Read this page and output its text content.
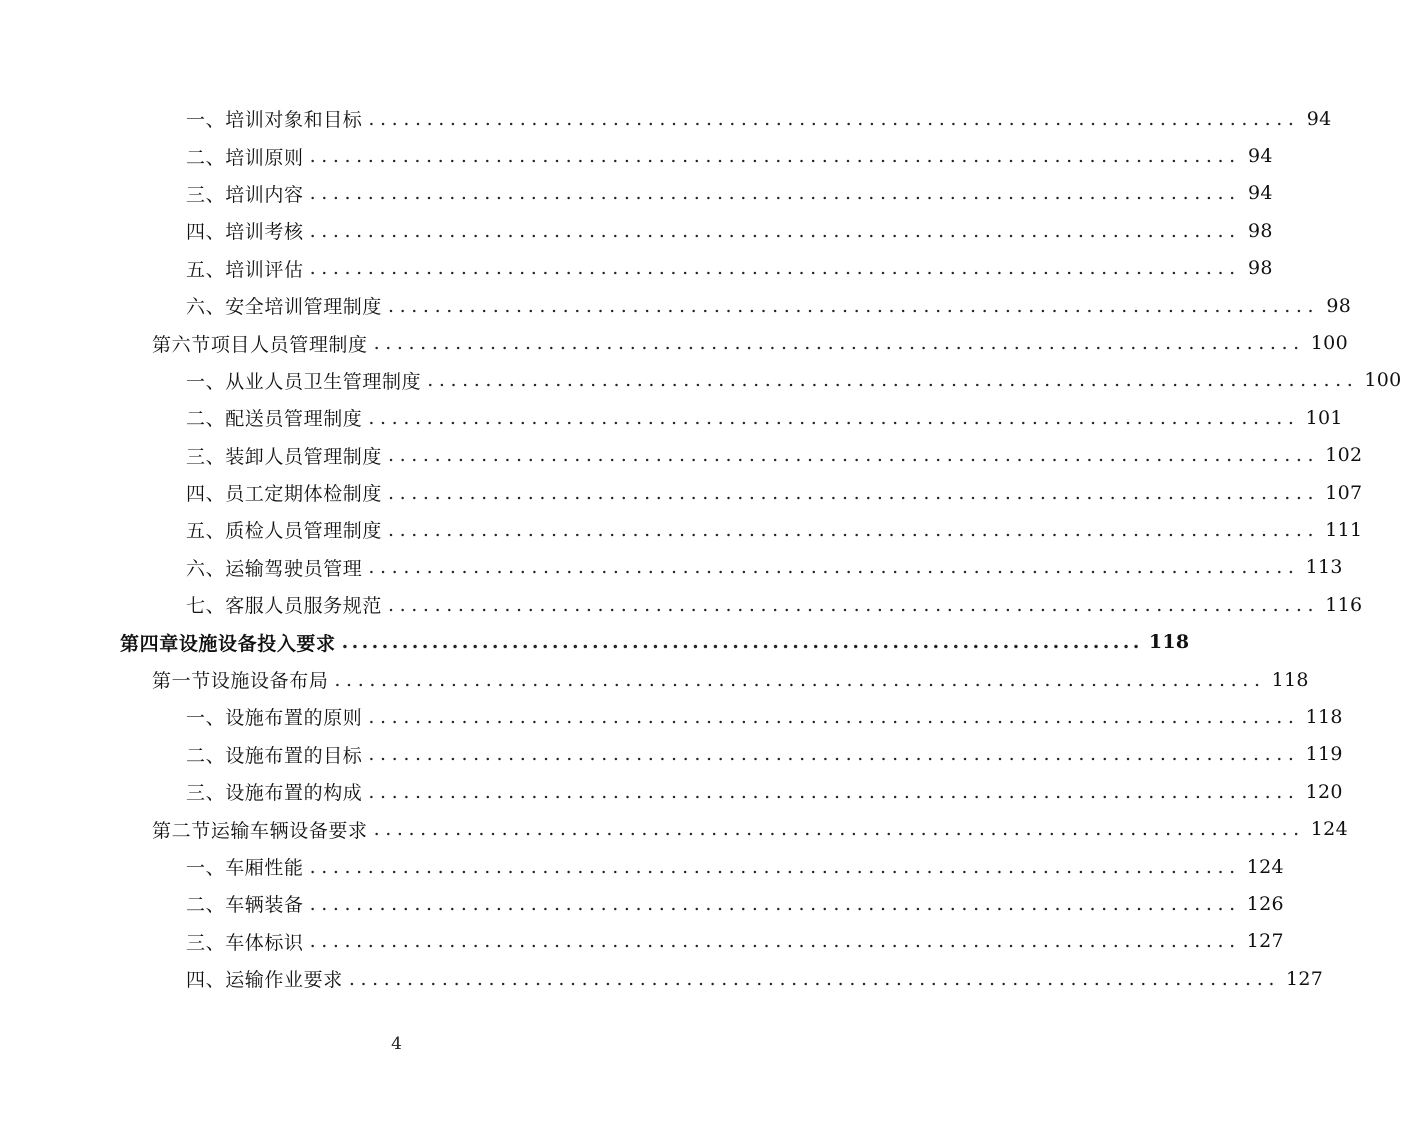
一、 培训对象和目标 ................................................................................ 94
二、 培训原则 ................................................................................ 94
三、 培训内容 ................................................................................ 94
四、 培训考核 ................................................................................ 98
五、 培训评估 ................................................................................ 98
六、 安全培训管理制度 ................................................................................ 98
第六节 项目人员管理制度 ................................................................................ 100
一、 从业人员卫生管理制度 ................................................................................ 100
二、 配送员管理制度 ................................................................................ 101
三、 装卸人员管理制度 ................................................................................ 102
四、 员工定期体检制度 ................................................................................ 107
五、 质检人员管理制度 ................................................................................ 111
六、 运输驾驶员管理 ................................................................................ 113
七、 客服人员服务规范 ................................................................................ 116
第四章 设施设备投入要求 ................................................................................ 118
第一节 设施设备布局 ................................................................................ 118
一、 设施布置的原则 ................................................................................ 118
二、 设施布置的目标 ................................................................................ 119
三、 设施布置的构成 ................................................................................ 120
第二节 运输车辆设备要求 ................................................................................ 124
一、 车厢性能 ................................................................................ 124
二、 车辆装备 ................................................................................ 126
三、 车体标识 ................................................................................ 127
四、 运输作业要求 ................................................................................ 127
4
